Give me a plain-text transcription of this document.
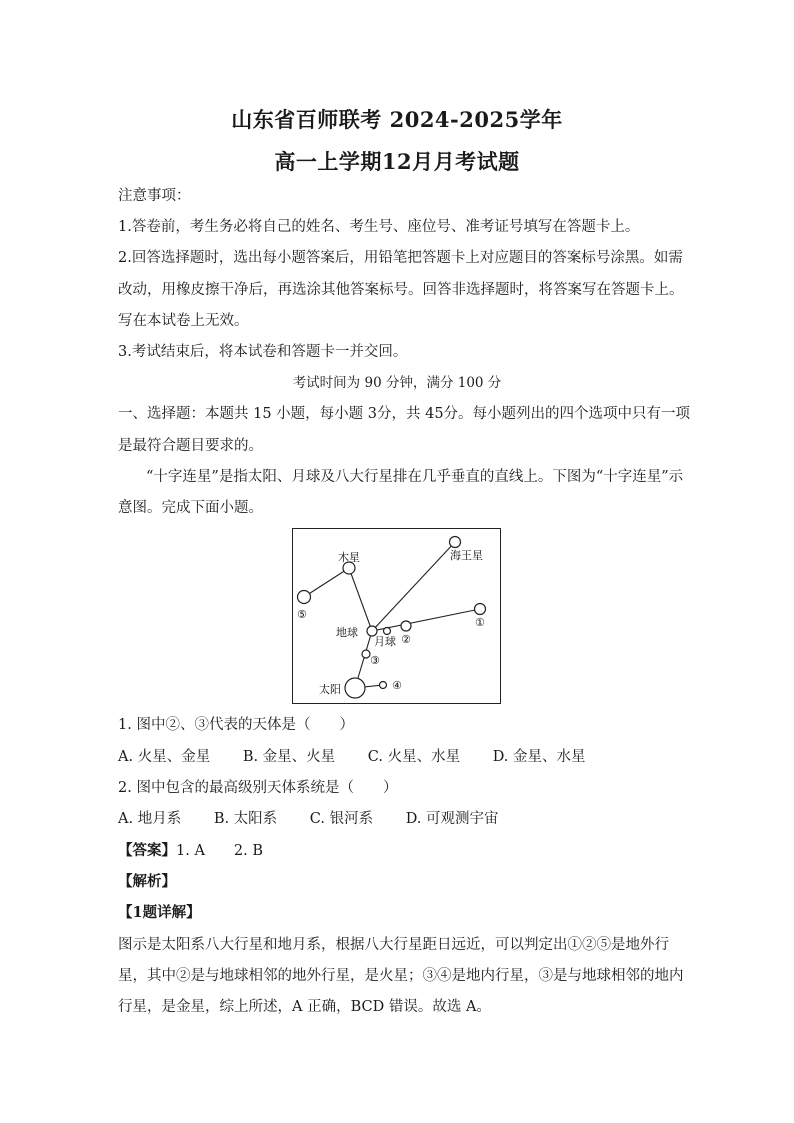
山东省百师联考 2024-2025学年
高一上学期12月月考试题
注意事项：
1.答卷前，考生务必将自己的姓名、考生号、座位号、准考证号填写在答题卡上。
2.回答选择题时，选出每小题答案后，用铅笔把答题卡上对应题目的答案标号涂黑。如需
改动，用橡皮擦干净后，再选涂其他答案标号。回答非选择题时，将答案写在答题卡上。
写在本试卷上无效。
3.考试结束后，将本试卷和答题卡一并交回。
考试时间为 90 分钟，满分 100 分
一、选择题：本题共 15 小题，每小题 3分，共 45分。每小题列出的四个选项中只有一项
是最符合题目要求的。
“十字连星”是指太阳、月球及八大行星排在几乎垂直的直线上。下图为“十字连星”示
意图。完成下面小题。
海王星
木星
地球
月球
太阳
①
②
③
④
⑤
1. 图中②、③代表的天体是（　　）
A. 火星、金星 B. 金星、火星 C. 火星、水星 D. 金星、水星
2. 图中包含的最高级别天体系统是（　　）
A. 地月系 B. 太阳系 C. 银河系 D. 可观测宇宙
【答案】1. A　　2. B
【解析】
【1题详解】
图示是太阳系八大行星和地月系，根据八大行星距日远近，可以判定出①②⑤是地外行
星，其中②是与地球相邻的地外行星，是火星；③④是地内行星，③是与地球相邻的地内
行星，是金星，综上所述，A 正确，BCD 错误。故选 A。
